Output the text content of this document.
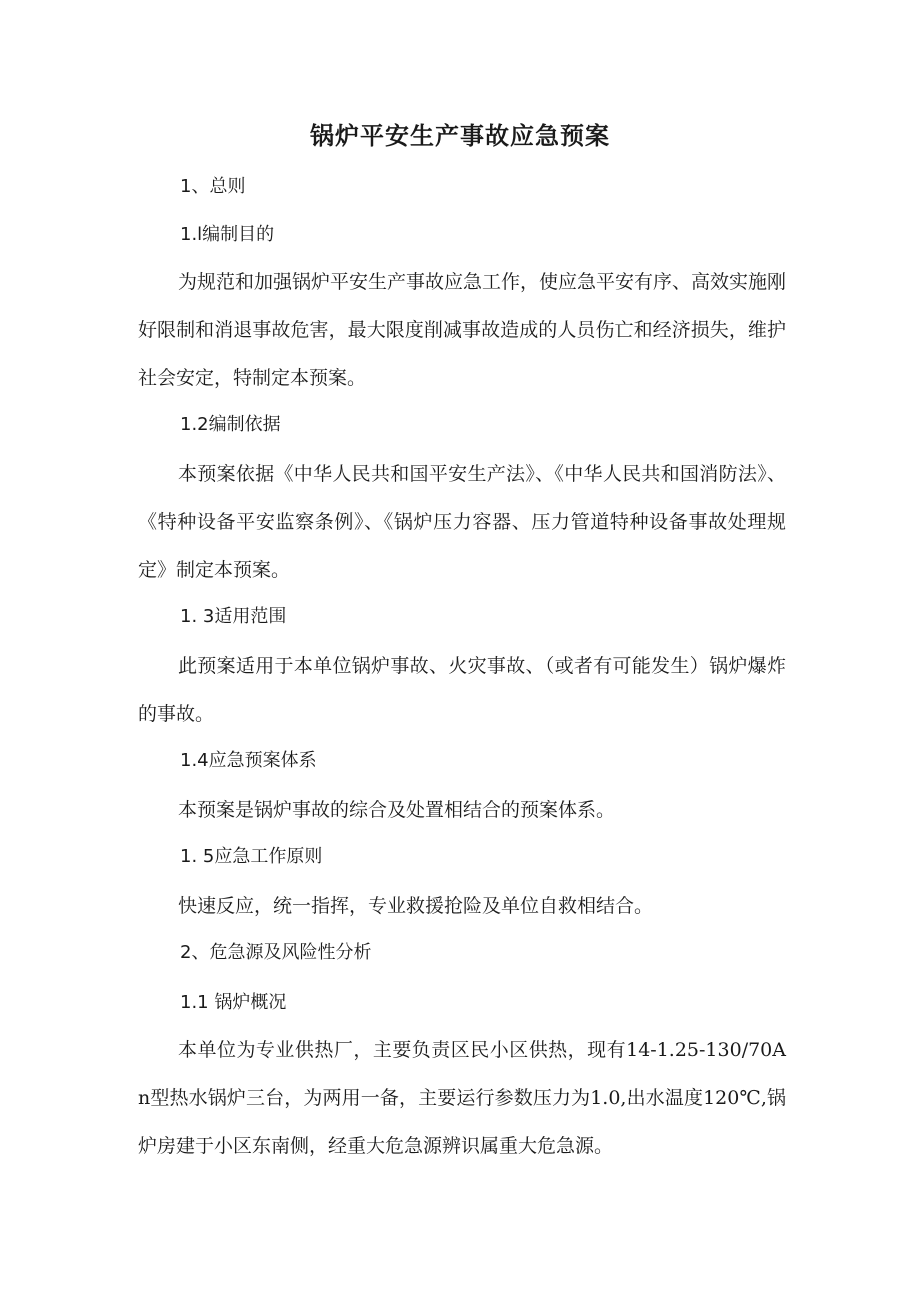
锅炉平安生产事故应急预案
1、总则
1.l编制目的
为规范和加强锅炉平安生产事故应急工作，使应急平安有序、高效实施刚好限制和消退事故危害，最大限度削减事故造成的人员伤亡和经济损失，维护社会安定，特制定本预案。
1.2编制依据
本预案依据《中华人民共和国平安生产法》、《中华人民共和国消防法》、《特种设备平安监察条例》、《锅炉压力容器、压力管道特种设备事故处理规定》制定本预案。
1. 3适用范围
此预案适用于本单位锅炉事故、火灾事故、（或者有可能发生）锅炉爆炸的事故。
1.4应急预案体系
本预案是锅炉事故的综合及处置相结合的预案体系。
1. 5应急工作原则
快速反应，统一指挥，专业救援抢险及单位自救相结合。
2、危急源及风险性分析
1.1 锅炉概况
本单位为专业供热厂，主要负责区民小区供热，现有14-1.25-130/70An型热水锅炉三台，为两用一备，主要运行参数压力为1.0,出水温度120℃,锅炉房建于小区东南侧，经重大危急源辨识属重大危急源。
